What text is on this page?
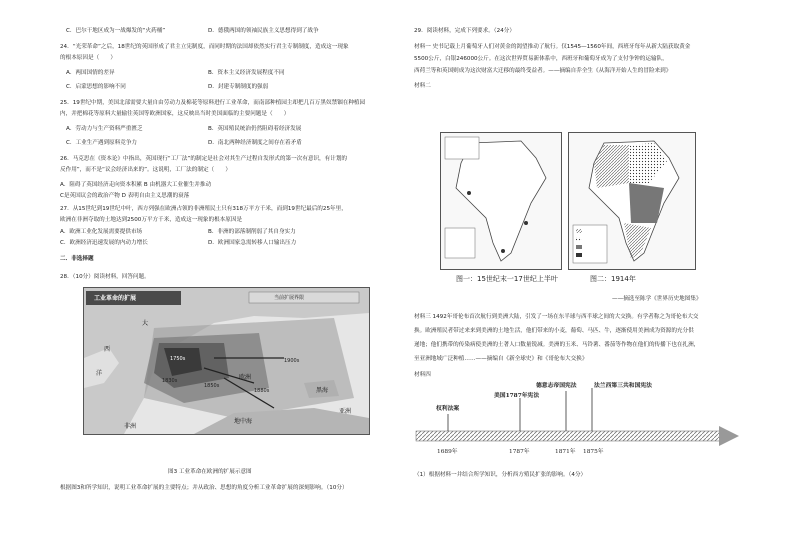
C．巴尔干地区成为一战爆发的“火药桶”	D．德俄两国的领袖民族主义思想得到了战争
24．“光荣革命”之后，18世纪的英国形成了君主立宪制度，而同时期的法国却依然实行君主专制制度，造成这一现象
的根本原因是（　　）
A．两国国情的差异	B．资本主义经济发展程度不同
C．启蒙思想的影响不同	D．封建专制制度的强弱
25．19世纪中期，美国北部需要大量自由劳动力及棉花等原料进行工业革命，而南部种植园主却把几百万黑奴禁锢在种植园
内，并把棉花等原料大量输往英国等欧洲国家，这反映出当时美国面临的主要问题是（　　）
A．劳动力与生产资料严重匮乏	B．英国殖民统治仍然阻碍着经济发展
C．工业生产遇到原料竞争力	D．南北两种经济制度之间存在着矛盾
26．马克思在《资本论》中指出，英国现行“工厂法”的制定是社会对其生产过程自发形式的第一次有意识，有计划的
反作用”，而不是“议会经济出来的”。这说明，工厂法的制定（　　）
A．阻碍了英国经济走向资本积累 B 由机器大工业催生并推动
C是英国议会的政治产物 D 表明自由主义思潮的衰落
27．从15世纪到19世纪中叶，西方列强在欧洲占领的非洲殖民土只有318万平方千米，而到19世纪最后的25年里，
欧洲在非洲夺取的土地达到2500万平方千米，造成这一现象的根本原因是
A．欧洲工业化发展需要提供市场	B．非洲的部落制削弱了其自身实力
C．欧洲经济迅速发展的内动力增长	D．欧洲国家急需转移人口输出压力
二．非选择题
28．（10分）阅读材料，回答问题。
工业革命的扩展	当前扩展界限
大
西
洋
欧洲
黑海
地中海
亚洲
非洲
1750s
1830s
1850s
1880s
1900s
图3 工业革命在欧洲的扩展示意图
根据图3和所学知识，说明工业革命扩展的主要特点；并从政治、思想的角度分析工业革命扩展的深刻影响。（10分）
29．阅读材料，完成下列要求。（24分）
材料一 史书记载上月葡萄牙人们对黄金的渴望推动了航行。仅1545—1560年间，西班牙每年从新大陆获取黄金
5500公斤，白银246000公斤。在这次世界贸易新体系中，西班牙和葡萄牙成为了支付争钟的运输队，
西荷兰等和英国则成为这次财富大迁移的最终受益者。——摘编自乔全生《从海洋开始人生的冒险来到》
材料二
图一：15世纪末一17世纪上半叶	图二：1914年
——摘选至陈学《世界历史地图集》
材料三 1492年哥伦布首次航行到美洲大陆，引发了一场在东半球与西半球之间的大交换。有学者称之为哥伦布大交
换。欧洲殖民者带过来来到美洲的土地生活，他们带来的小麦，葡萄、马匹、牛，逐渐使用美洲成为资源的充分供
递地；他们携带的传染病使美洲的土著人口数量锐减。美洲的玉米、马铃薯、番茄等作物在他们的传播下也在扎洲，
至亚洲地域广泛种植……——摘编自《新全球史》和《哥伦布大交换》
材料四
权利法案
美国1787年宪法
德意志帝国宪法	法兰西第三共和国宪法
1689年	1787年	1871年 1875年
（1）根据材料一并结合所学知识，分析西方殖民扩张的影响。（4分）
